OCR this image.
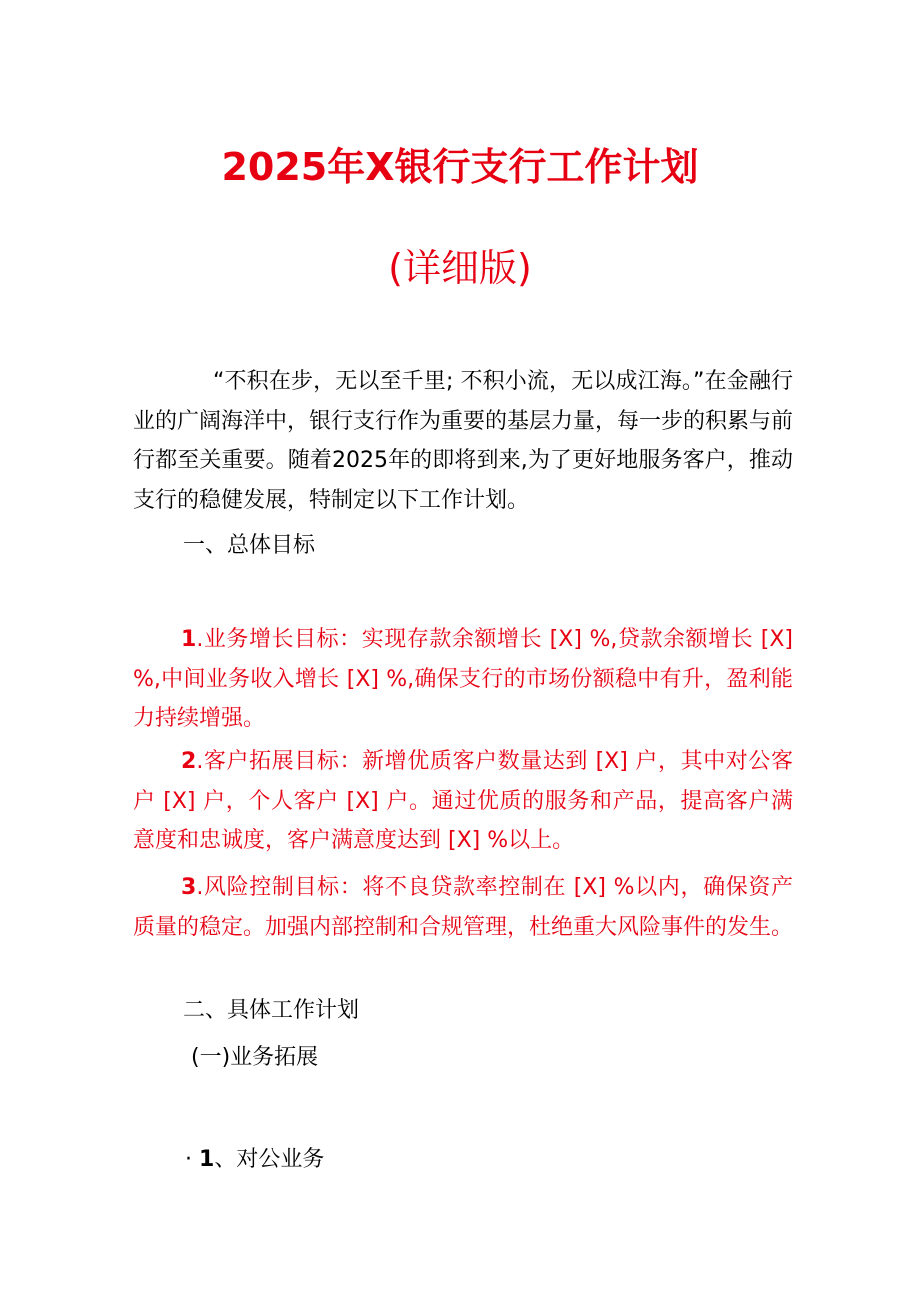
2025年X银行支行工作计划
(详细版)
“不积在步，无以至千里; 不积小流，无以成江海。”在金融行业的广阔海洋中，银行支行作为重要的基层力量，每一步的积累与前行都至关重要。随着2025年的即将到来,为了更好地服务客户，推动支行的稳健发展，特制定以下工作计划。
一、总体目标
1.业务增长目标：实现存款余额增长 [X] %,贷款余额增长 [X] %,中间业务收入增长 [X] %,确保支行的市场份额稳中有升，盈利能力持续增强。
2.客户拓展目标：新增优质客户数量达到 [X] 户，其中对公客户 [X] 户，个人客户 [X] 户。通过优质的服务和产品，提高客户满意度和忠诚度，客户满意度达到 [X] %以上。
3.风险控制目标：将不良贷款率控制在 [X] %以内，确保资产质量的稳定。加强内部控制和合规管理，杜绝重大风险事件的发生。
二、具体工作计划
(一)业务拓展
· 1、对公业务
